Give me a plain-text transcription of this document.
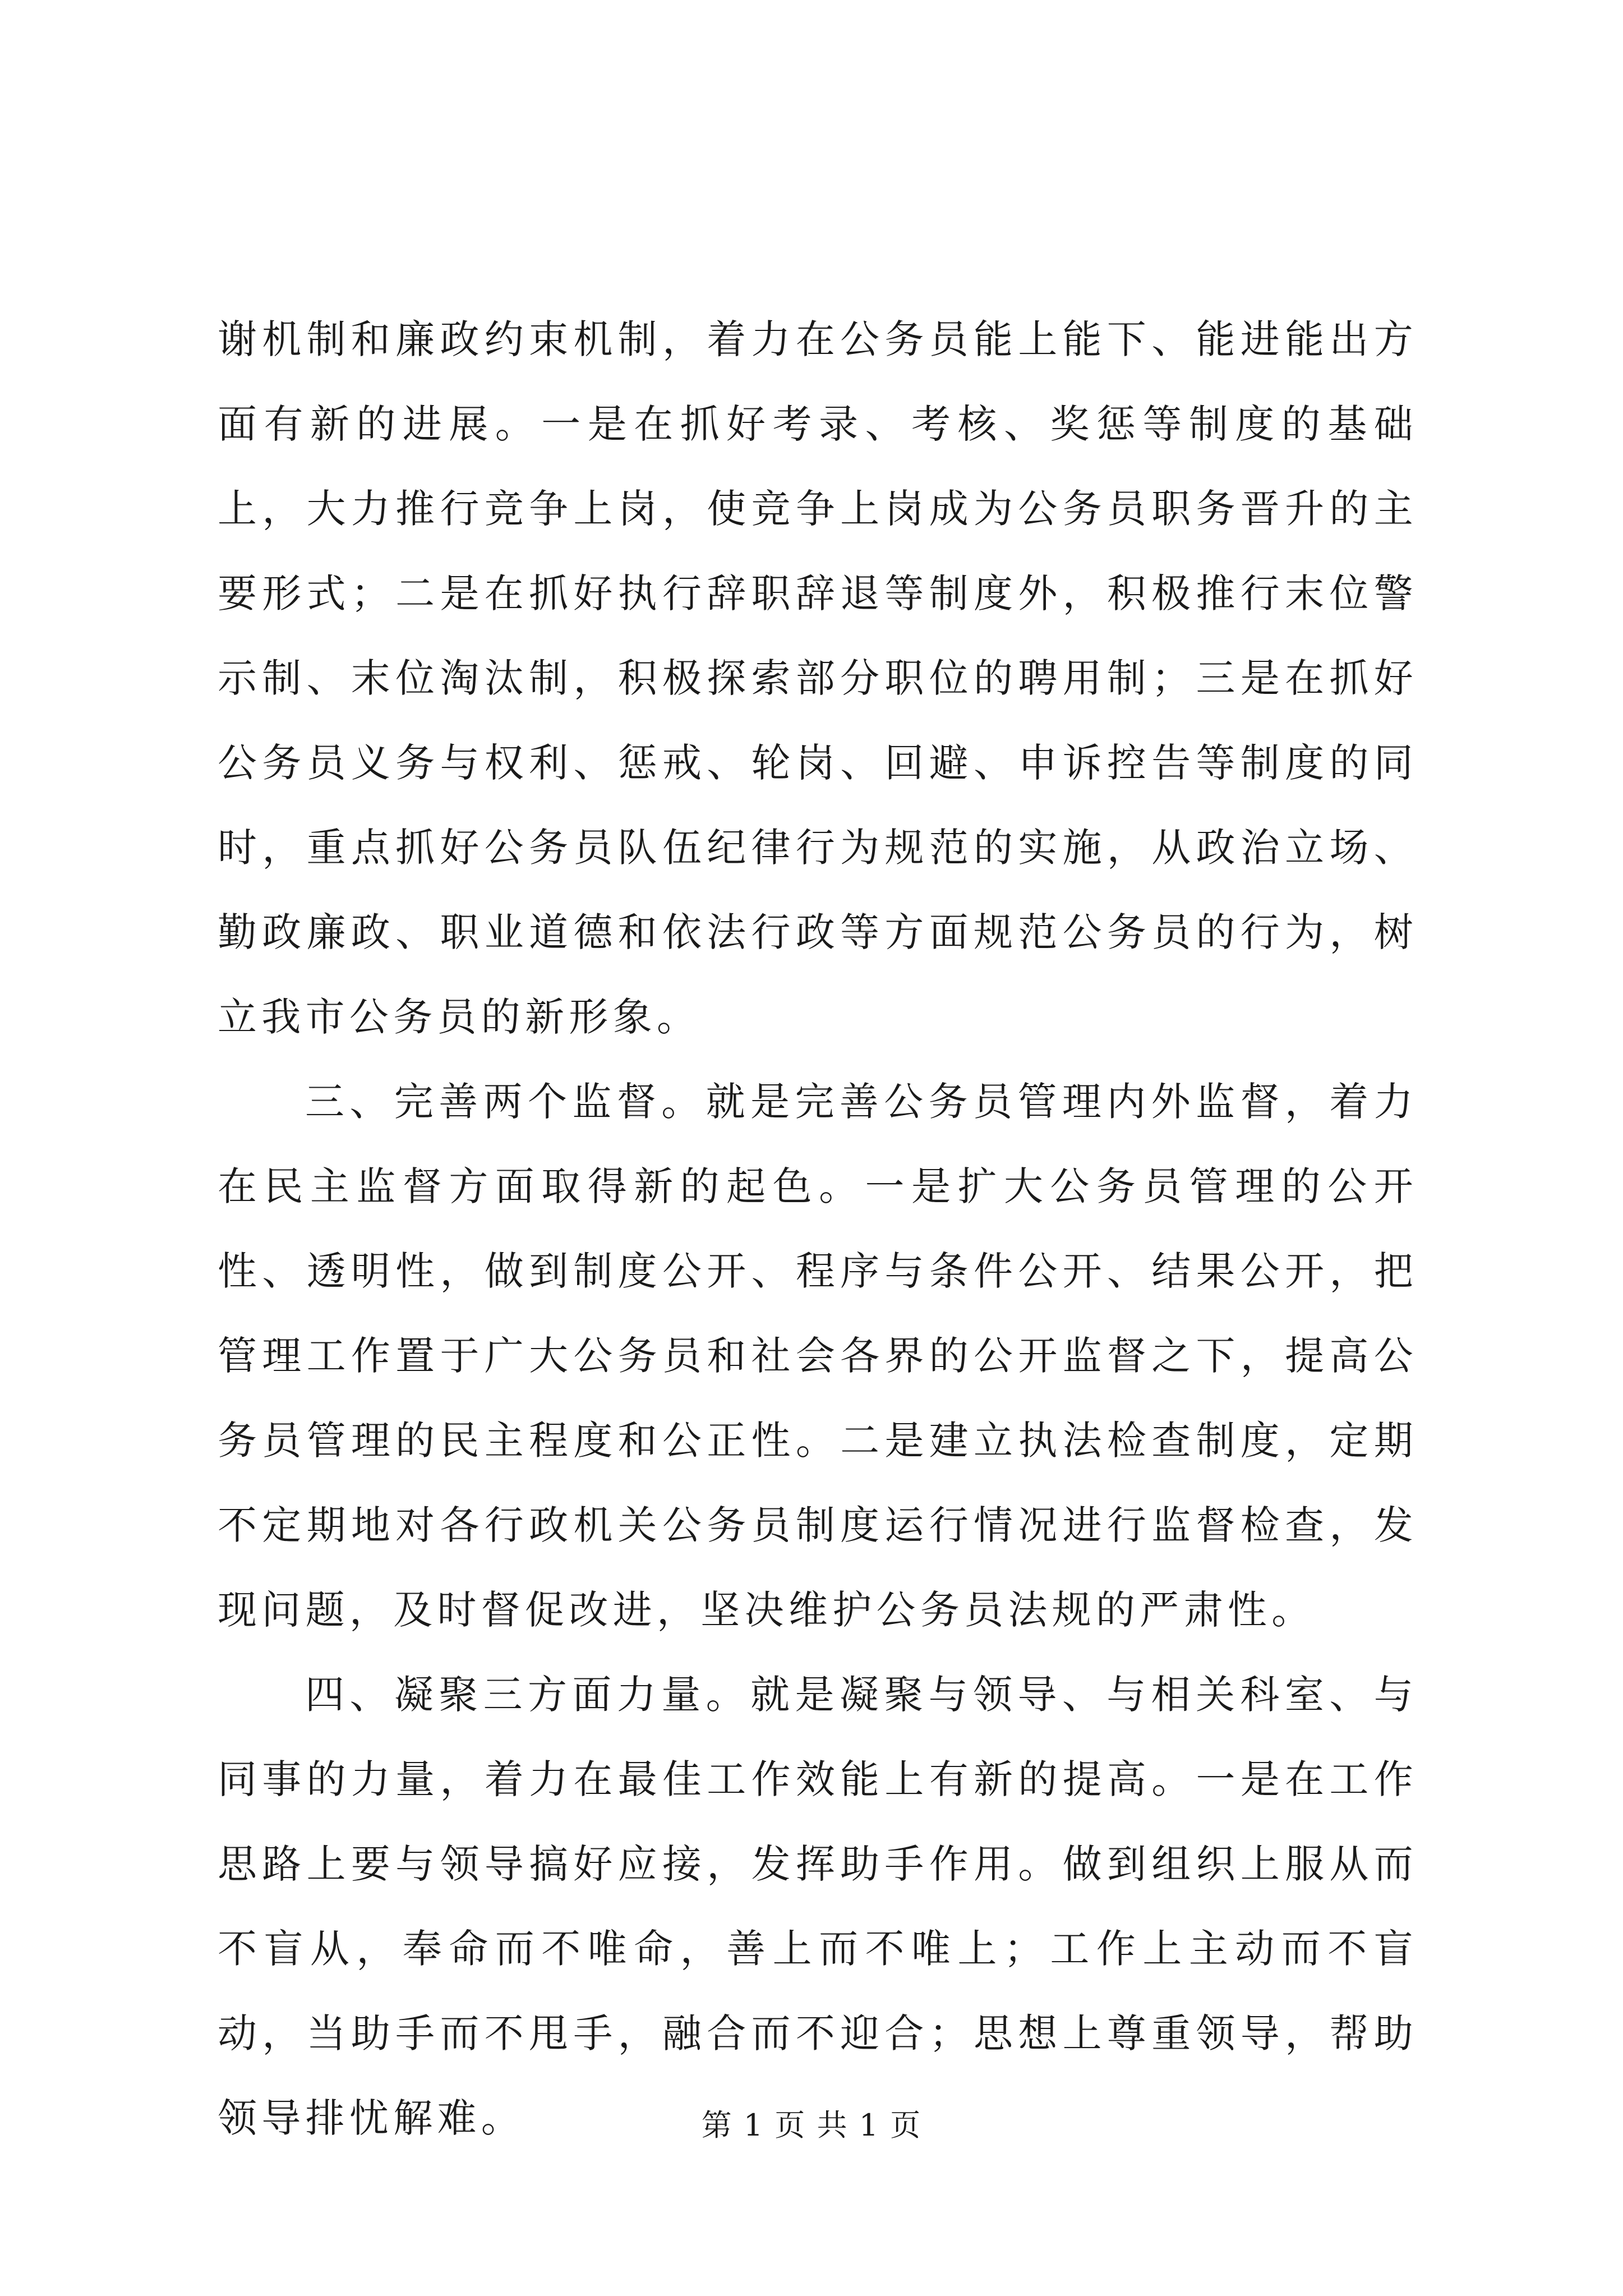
谢机制和廉政约束机制，着力在公务员能上能下、能进能出方面有新的进展。一是在抓好考录、考核、奖惩等制度的基础上，大力推行竞争上岗，使竞争上岗成为公务员职务晋升的主要形式；二是在抓好执行辞职辞退等制度外，积极推行末位警示制、末位淘汰制，积极探索部分职位的聘用制；三是在抓好公务员义务与权利、惩戒、轮岗、回避、申诉控告等制度的同时，重点抓好公务员队伍纪律行为规范的实施，从政治立场、勤政廉政、职业道德和依法行政等方面规范公务员的行为，树立我市公务员的新形象。

三、完善两个监督。就是完善公务员管理内外监督，着力在民主监督方面取得新的起色。一是扩大公务员管理的公开性、透明性，做到制度公开、程序与条件公开、结果公开，把管理工作置于广大公务员和社会各界的公开监督之下，提高公务员管理的民主程度和公正性。二是建立执法检查制度，定期不定期地对各行政机关公务员制度运行情况进行监督检查，发现问题，及时督促改进，坚决维护公务员法规的严肃性。

四、凝聚三方面力量。就是凝聚与领导、与相关科室、与同事的力量，着力在最佳工作效能上有新的提高。一是在工作思路上要与领导搞好应接，发挥助手作用。做到组织上服从而不盲从，奉命而不唯命，善上而不唯上；工作上主动而不盲动，当助手而不甩手，融合而不迎合；思想上尊重领导，帮助领导排忧解难。	第 1 页 共 1 页
